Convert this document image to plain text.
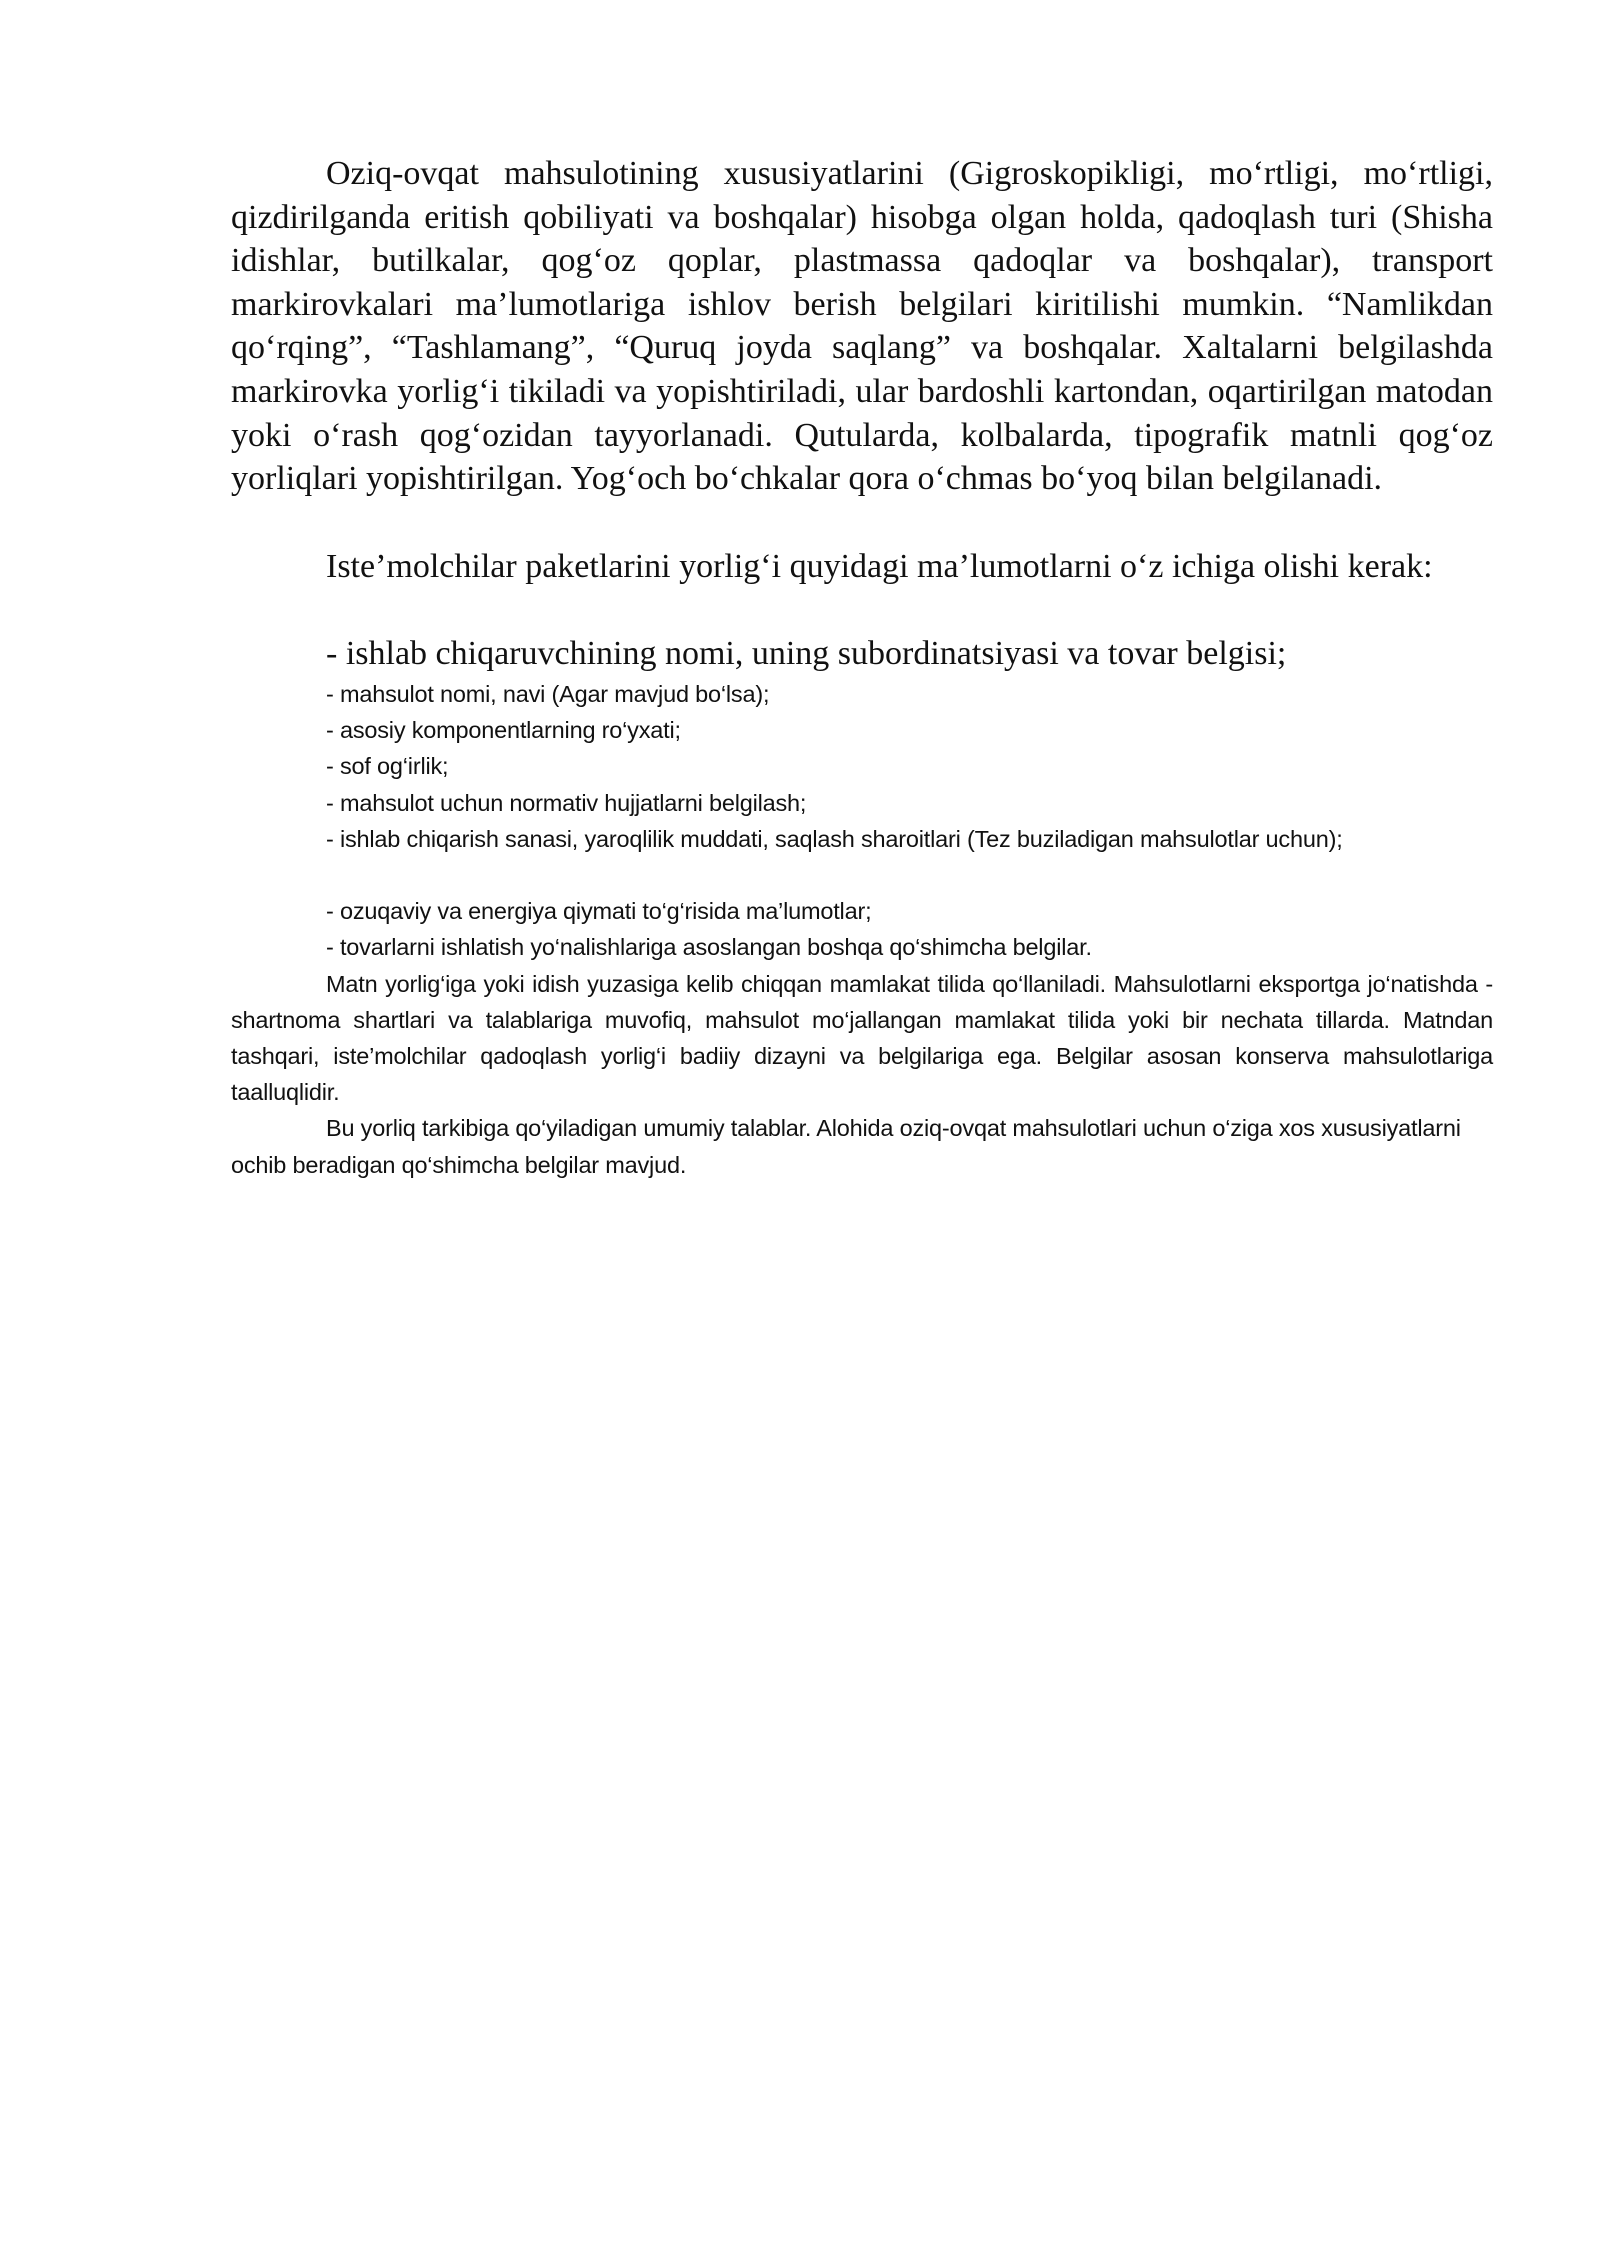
Oziq-ovqat mahsulotining xususiyatlarini (Gigroskopikligi, mo‘rtligi, mo‘rtligi, qizdirilganda eritish qobiliyati va boshqalar) hisobga olgan holda, qadoqlash turi (Shisha idishlar, butilkalar, qog‘oz qoplar, plastmassa qadoqlar va boshqalar), transport markirovkalari ma’lumotlariga ishlov berish belgilari kiritilishi mumkin. “Namlikdan qo‘rqing”, “Tashlamang”, “Quruq joyda saqlang” va boshqalar. Xaltalarni belgilashda markirovka yorlig‘i tikiladi va yopishtiriladi, ular bardoshli kartondan, oqartirilgan matodan yoki o‘rash qog‘ozidan tayyorlanadi. Qutularda, kolbalarda, tipografik matnli qog‘oz yorliqlari yopishtirilgan. Yog‘och bo‘chkalar qora o‘chmas bo‘yoq bilan belgilanadi.

Iste’molchilar paketlarini yorlig‘i quyidagi ma’lumotlarni o‘z ichiga olishi kerak:

- ishlab chiqaruvchining nomi, uning subordinatsiyasi va tovar belgisi;

- mahsulot nomi, navi (Agar mavjud bo‘lsa);

- asosiy komponentlarning ro‘yxati;

- sof og‘irlik;

- mahsulot uchun normativ hujjatlarni belgilash;

- ishlab chiqarish sanasi, yaroqlilik muddati, saqlash sharoitlari (Tez buziladigan mahsulotlar uchun);

- ozuqaviy va energiya qiymati to‘g‘risida ma’lumotlar;

- tovarlarni ishlatish yo‘nalishlariga asoslangan boshqa qo‘shimcha belgilar.

Matn yorlig‘iga yoki idish yuzasiga kelib chiqqan mamlakat tilida qo‘llaniladi. Mahsulotlarni eksportga jo‘natishda - shartnoma shartlari va talablariga muvofiq, mahsulot mo‘jallangan mamlakat tilida yoki bir nechata tillarda. Matndan tashqari, iste’molchilar qadoqlash yorlig‘i badiiy dizayni va belgilariga ega. Belgilar asosan konserva mahsulotlariga taalluqlidir.

Bu yorliq tarkibiga qo‘yiladigan umumiy talablar. Alohida oziq-ovqat mahsulotlari uchun o‘ziga xos xususiyatlarni ochib beradigan qo‘shimcha belgilar mavjud.
